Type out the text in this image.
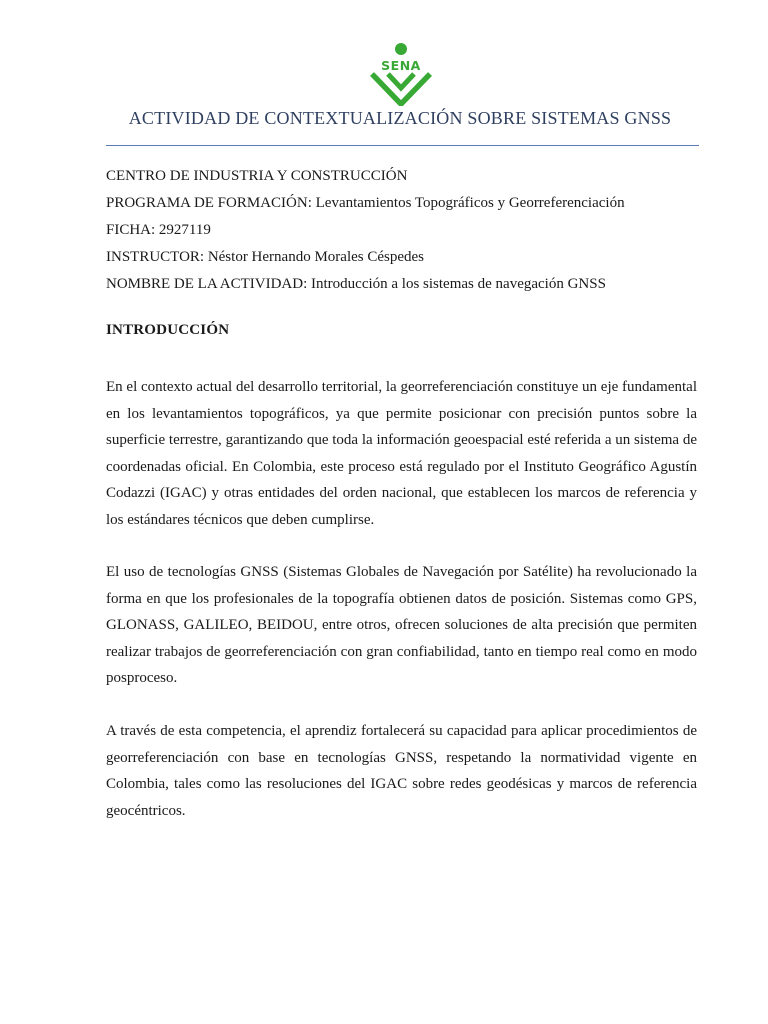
SENA
ACTIVIDAD DE CONTEXTUALIZACIÓN SOBRE SISTEMAS GNSS
CENTRO DE INDUSTRIA Y CONSTRUCCIÓN
PROGRAMA DE FORMACIÓN: Levantamientos Topográficos y Georreferenciación
FICHA: 2927119
INSTRUCTOR: Néstor Hernando Morales Céspedes
NOMBRE DE LA ACTIVIDAD: Introducción a los sistemas de navegación GNSS
INTRODUCCIÓN

En el contexto actual del desarrollo territorial, la georreferenciación constituye un eje fundamental en los levantamientos topográficos, ya que permite posicionar con precisión puntos sobre la superficie terrestre, garantizando que toda la información geoespacial esté referida a un sistema de coordenadas oficial. En Colombia, este proceso está regulado por el Instituto Geográfico Agustín Codazzi (IGAC) y otras entidades del orden nacional, que establecen los marcos de referencia y los estándares técnicos que deben cumplirse.

El uso de tecnologías GNSS (Sistemas Globales de Navegación por Satélite) ha revolucionado la forma en que los profesionales de la topografía obtienen datos de posición. Sistemas como GPS, GLONASS, GALILEO, BEIDOU, entre otros, ofrecen soluciones de alta precisión que permiten realizar trabajos de georreferenciación con gran confiabilidad, tanto en tiempo real como en modo posproceso.

A través de esta competencia, el aprendiz fortalecerá su capacidad para aplicar procedimientos de georreferenciación con base en tecnologías GNSS, respetando la normatividad vigente en Colombia, tales como las resoluciones del IGAC sobre redes geodésicas y marcos de referencia geocéntricos.
